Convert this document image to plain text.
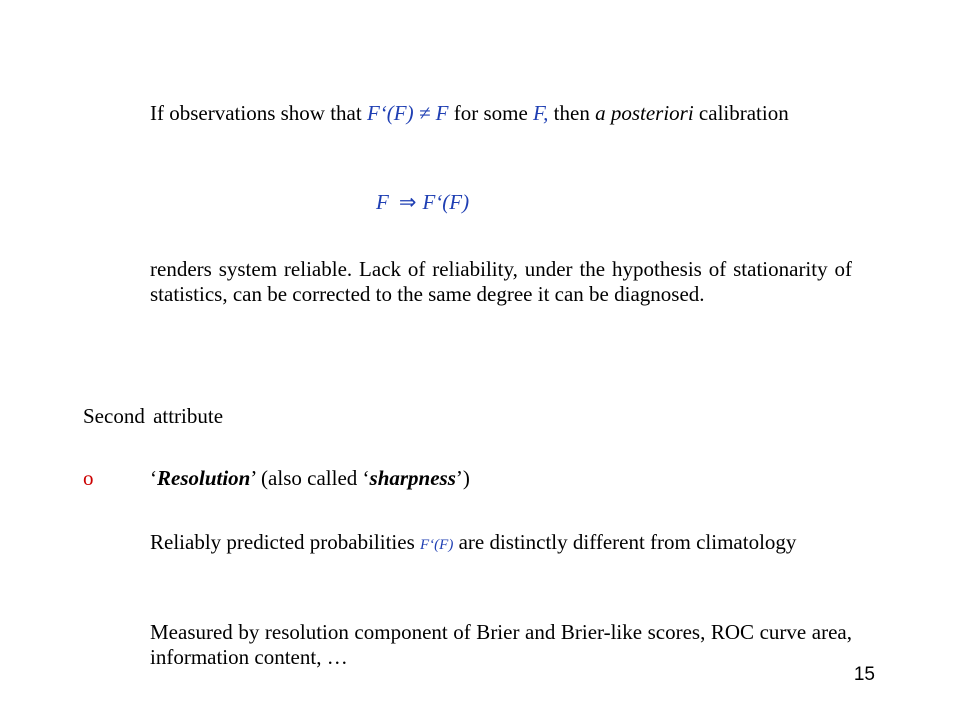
If observations show that F‘(F) ≠ F for some F, then a posteriori calibration

F ⇒ F‘(F)

renders system reliable. Lack of reliability, under the hypothesis of stationarity of statistics, can be corrected to the same degree it can be diagnosed.

Second attribute

o	‘Resolution’ (also called ‘sharpness’)

Reliably predicted probabilities F‘(F) are distinctly different from climatology

Measured by resolution component of Brier and Brier-like scores, ROC curve area, information content, …

15
